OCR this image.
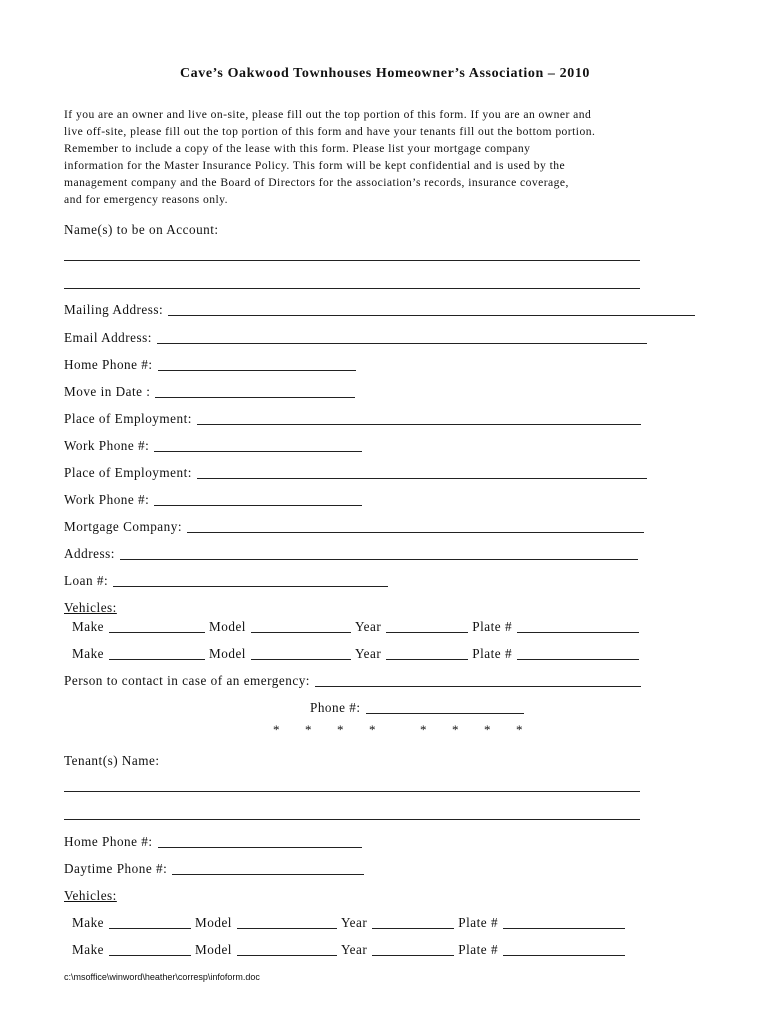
Cave’s Oakwood Townhouses Homeowner’s Association – 2010
If you are an owner and live on-site, please fill out the top portion of this form. If you are an owner and
live off-site, please fill out the top portion of this form and have your tenants fill out the bottom portion.
Remember to include a copy of the lease with this form. Please list your mortgage company
information for the Master Insurance Policy. This form will be kept confidential and is used by the
management company and the Board of Directors for the association’s records, insurance coverage,
and for emergency reasons only.
Name(s) to be on Account:
Mailing Address:
Email Address:
Home Phone #:
Move in Date :
Place of Employment:
Work Phone #:
Place of Employment:
Work Phone #:
Mortgage Company:
Address:
Loan #:
Vehicles:
Make	Model	Year	Plate #
Make	Model	Year	Plate #
Person to contact in case of an emergency:
Phone #:
* * * *	* * * *
Tenant(s) Name:
Home Phone #:
Daytime Phone #:
Vehicles:
Make	Model	Year	Plate #
Make	Model	Year	Plate #
c:\msoffice\winword\heather\corresp\infoform.doc
